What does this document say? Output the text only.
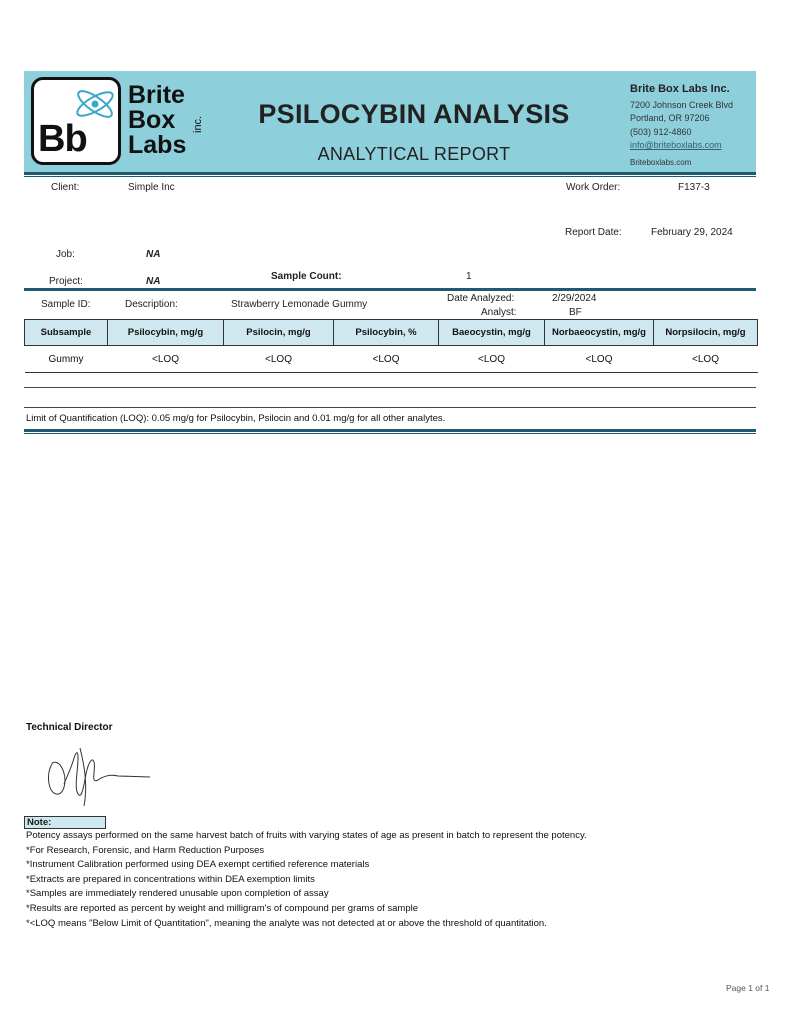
Bb
Brite
Box
Labs
inc.	PSILOCYBIN ANALYSIS
ANALYTICAL REPORT
Brite Box Labs Inc.
7200 Johnson Creek Blvd
Portland, OR 97206
(503) 912-4860
info@briteboxlabs.com
Briteboxlabs.com
Client:	Simple Inc	Work Order:	F137-3
Report Date:	February 29, 2024
Job:	NA
Project:	NA	Sample Count:	1
Sample ID:	Description:	Strawberry Lemonade Gummy
Date Analyzed:	2/29/2024
Analyst:	BF
Subsample	Psilocybin, mg/g	Psilocin, mg/g	Psilocybin, %	Baeocystin, mg/g	Norbaeocystin, mg/g	Norpsilocin, mg/g
Gummy	<LOQ	<LOQ	<LOQ	<LOQ	<LOQ	<LOQ
Limit of Quantification (LOQ): 0.05 mg/g for Psilocybin, Psilocin and 0.01 mg/g for all other analytes.
Technical Director
Note:
Potency assays performed on the same harvest batch of fruits with varying states of age as present in batch to represent the potency.
*For Research, Forensic, and Harm Reduction Purposes
*Instrument Calibration performed using DEA exempt certified reference materials
*Extracts are prepared in concentrations within DEA exemption limits
*Samples are immediately rendered unusable upon completion of assay
*Results are reported as percent by weight and milligram's of compound per grams of sample
*<LOQ means "Below Limit of Quantitation", meaning the analyte was not detected at or above the threshold of quantitation.
Page 1 of 1
